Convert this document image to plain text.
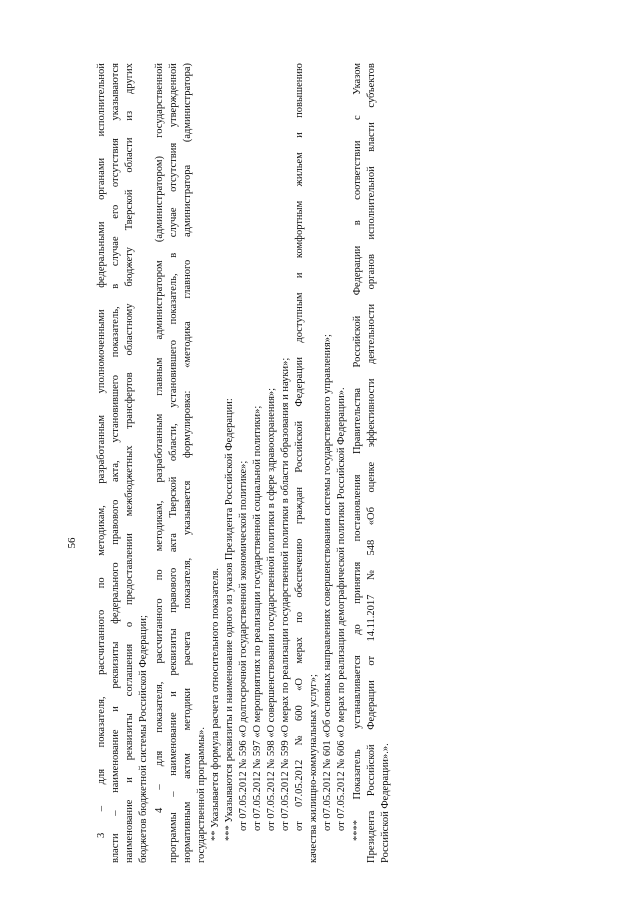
56
3
–
для
показателя,
рассчитанного
по
методикам,
разработанным
уполномоченными
федеральными
органами
исполнительной
власти
–
наименование
и
реквизиты
федерального
правового
акта,
установившего
показатель,
в
случае
его
отсутствия
указываются
наименование
и
реквизиты
соглашения
о
предоставлении
межбюджетных
трансфертов
областному
бюджету
Тверской
области
из
других
бюджетов бюджетной системы Российской Федерации; 4
–
для
показателя,
рассчитанного
по
методикам,
разработанным
главным
администратором
(администратором)
государственной
программы
–
наименование
и
реквизиты
правового
акта
Тверской
области,
установившего
показатель,
в
случае
отсутствия
утвержденной
нормативным
актом
методики
расчета
показателя,
указывается
формулировка:
«методика
главного
администратора
(администратора)
государственной программы». ** Указывается формула расчета относительного показателя. *** Указываются реквизиты и наименование одного из указов Президента Российской Федерации: от 07.05.2012 № 596 «О долгосрочной государственной экономической политике»; от 07.05.2012 № 597 «О мероприятиях по реализации государственной социальной политики»; от 07.05.2012 № 598 «О совершенствовании государственной политики в сфере здравоохранения»; от 07.05.2012 № 599 «О мерах по реализации государственной политики в области образования и науки»; от
07.05.2012
№
600
«О
мерах
по
обеспечению
граждан
Российской
Федерации
доступным
и
комфортным
жильем
и
повышению
качества жилищно-коммунальных услуг»; от 07.05.2012 № 601 «Об основных направлениях совершенствования системы государственного управления»; от 07.05.2012 № 606 «О мерах по реализации демографической политики Российской Федерации». ****
Показатель
устанавливается
до
принятия
постановления
Правительства
Российской
Федерации
в
соответствии
с
Указом
Президента
Российской
Федерации
от
14.11.2017
№
548
«Об
оценке
эффективности
деятельности
органов
исполнительной
власти
субъектов
Российской Федерации».».
